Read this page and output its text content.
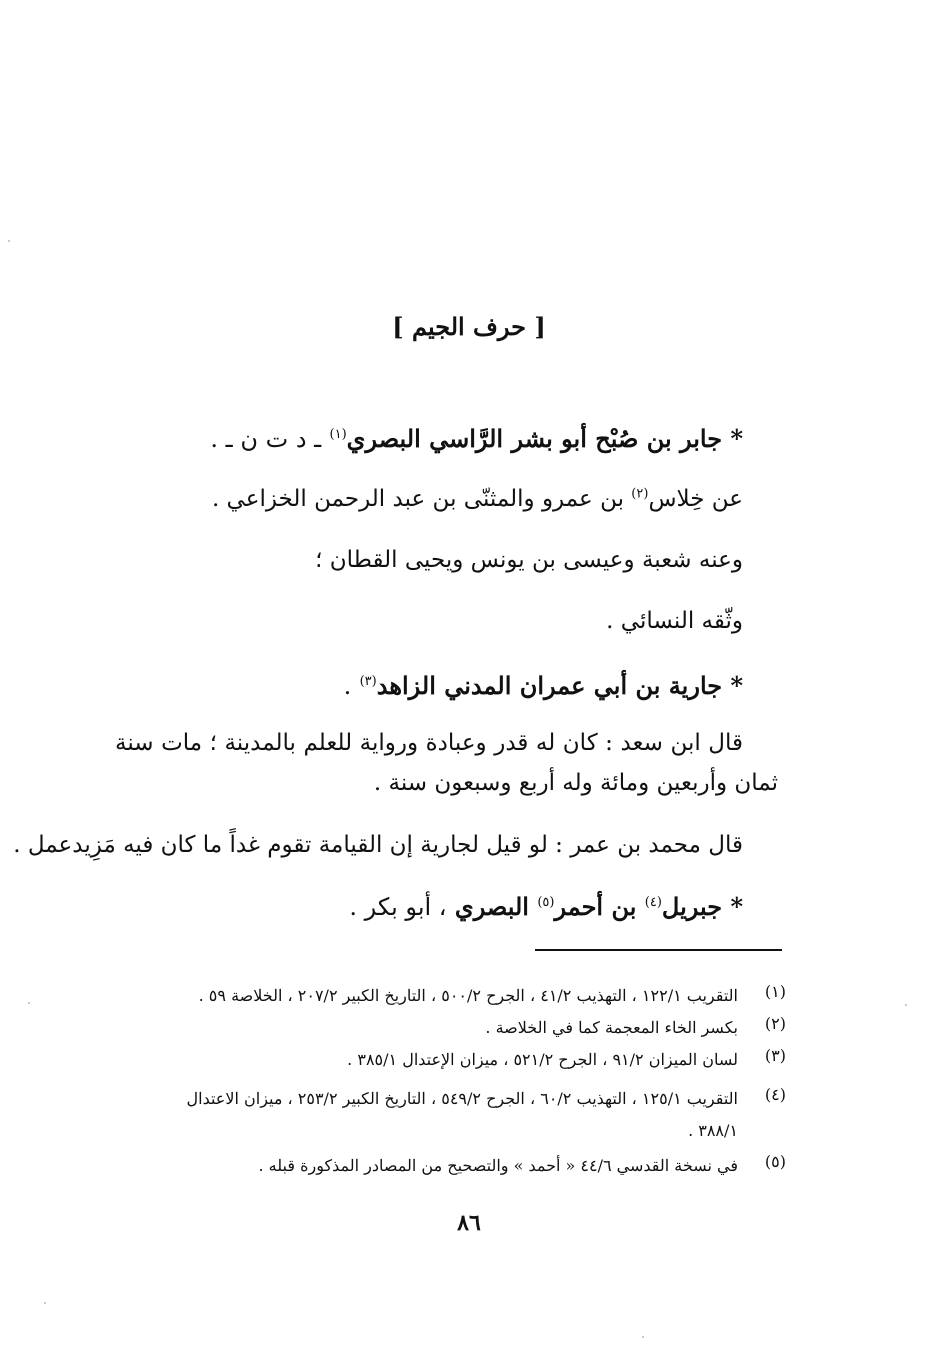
[ حرف الجيم ]
* جابر بن صُبْح أبو بشر الرَّاسي البصري$^{(١)}$ ـ د ت ن ـ .
عن خِلاس$^{(٢)}$ بن عمرو والمثنّى بن عبد الرحمن الخزاعي .
وعنه شعبة وعيسى بن يونس ويحيى القطان ؛
وثّقه النسائي .
* جارية بن أبي عمران المدني الزاهد$^{(٣)}$ .
قال ابن سعد : كان له قدر وعبادة ورواية للعلم بالمدينة ؛ مات سنة
ثمان وأربعين ومائة وله أربع وسبعون سنة .
قال محمد بن عمر : لو قيل لجارية إن القيامة تقوم غداً ما كان فيه مَزِيدعمل .
* جبريل$^{(٤)}$ بن أحمر$^{(٥)}$ البصري ، أبو بكر .
(١)
التقريب ١٢٢/١ ، التهذيب ٤١/٢ ، الجرح ٥٠٠/٢ ، التاريخ الكبير ٢٠٧/٢ ، الخلاصة ٥٩ .
(٢)
بكسر الخاء المعجمة كما في الخلاصة .
(٣)
لسان الميزان ٩١/٢ ، الجرح ٥٢١/٢ ، ميزان الإعتدال ٣٨٥/١ .
(٤)
التقريب ١٢٥/١ ، التهذيب ٦٠/٢ ، الجرح ٥٤٩/٢ ، التاريخ الكبير ٢٥٣/٢ ، ميزان الاعتدال
٣٨٨/١ .
(٥)
في نسخة القدسي ٤٤/٦ « أحمد » والتصحيح من المصادر المذكورة قبله .
٨٦
